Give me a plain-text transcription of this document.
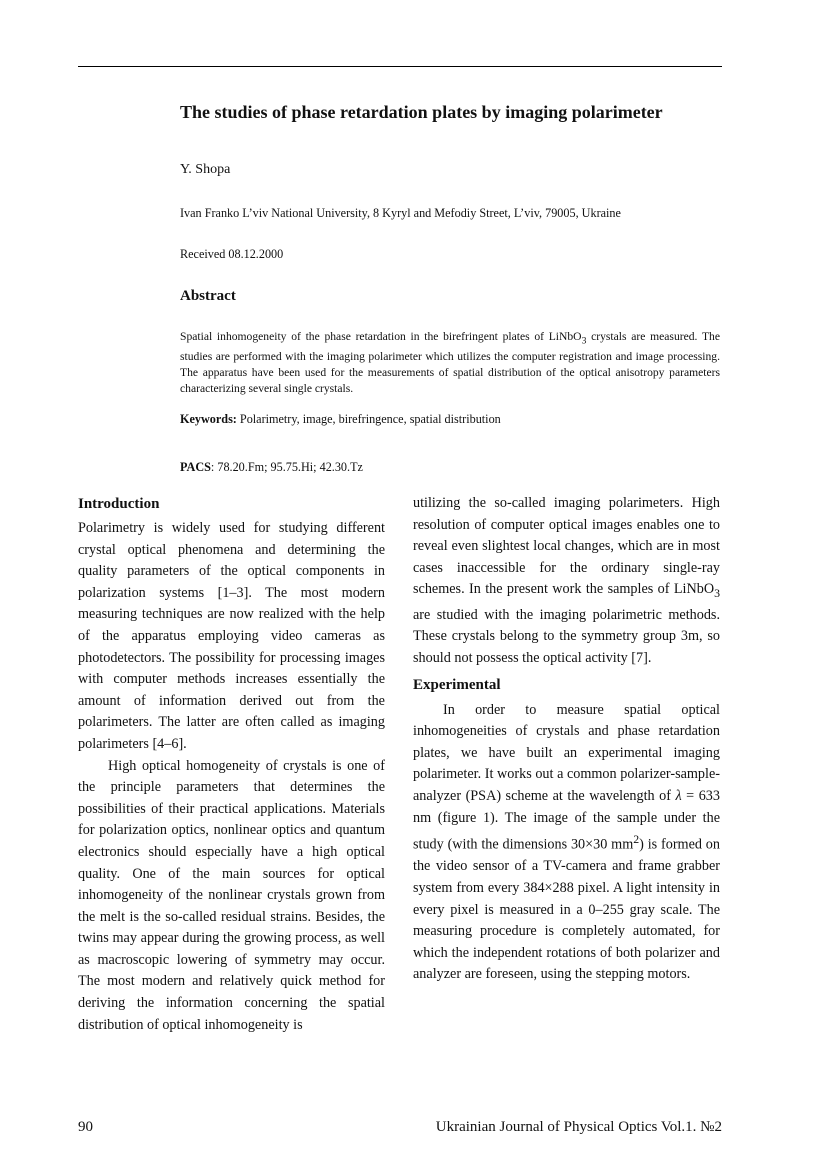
The studies of phase retardation plates by imaging polarimeter
Y. Shopa
Ivan Franko L’viv National University, 8 Kyryl and Mefodiy Street, L’viv, 79005, Ukraine
Received 08.12.2000
Abstract
Spatial inhomogeneity of the phase retardation in the birefringent plates of LiNbO$_3$ crystals are measured. The studies are performed with the imaging polarimeter which utilizes the computer registration and image processing. The apparatus have been used for the measurements of spatial distribution of the optical anisotropy parameters characterizing several single crystals.
Keywords: Polarimetry, image, birefringence, spatial distribution
PACS: 78.20.Fm; 95.75.Hi; 42.30.Tz
Introduction

Polarimetry is widely used for studying different crystal optical phenomena and determining the quality parameters of the optical components in polarization systems [1–3]. The most modern measuring techniques are now realized with the help of the apparatus employing video cameras as photodetectors. The possibility for processing images with computer methods increases essentially the amount of information derived out from the polarimeters. The latter are often called as imaging polarimeters [4–6].

High optical homogeneity of crystals is one of the principle parameters that determines the possibilities of their practical applications. Materials for polarization optics, nonlinear optics and quantum electronics should especially have a high optical quality. One of the main sources for optical inhomogeneity of the nonlinear crystals grown from the melt is the so-called residual strains. Besides, the twins may appear during the growing process, as well as macroscopic lowering of symmetry may occur. The most modern and relatively quick method for deriving the information concerning the spatial distribution of optical inhomogeneity is

utilizing the so-called imaging polarimeters. High resolution of computer optical images enables one to reveal even slightest local changes, which are in most cases inaccessible for the ordinary single-ray schemes. In the present work the samples of LiNbO$_3$ are studied with the imaging polarimetric methods. These crystals belong to the symmetry group 3m, so should not possess the optical activity [7].

Experimental

In order to measure spatial optical inhomogeneities of crystals and phase retardation plates, we have built an experimental imaging polarimeter. It works out a common polarizer-sample-analyzer (PSA) scheme at the wavelength of λ = 633 nm (figure 1). The image of the sample under the study (with the dimensions 30×30 $mm^2$) is formed on the video sensor of a TV-camera and frame grabber system from every 384×288 pixel. A light intensity in every pixel is measured in a 0–255 gray scale. The measuring procedure is completely automated, for which the independent rotations of both polarizer and analyzer are foreseen, using the stepping motors.

90	Ukrainian Journal of Physical Optics Vol.1. №2
